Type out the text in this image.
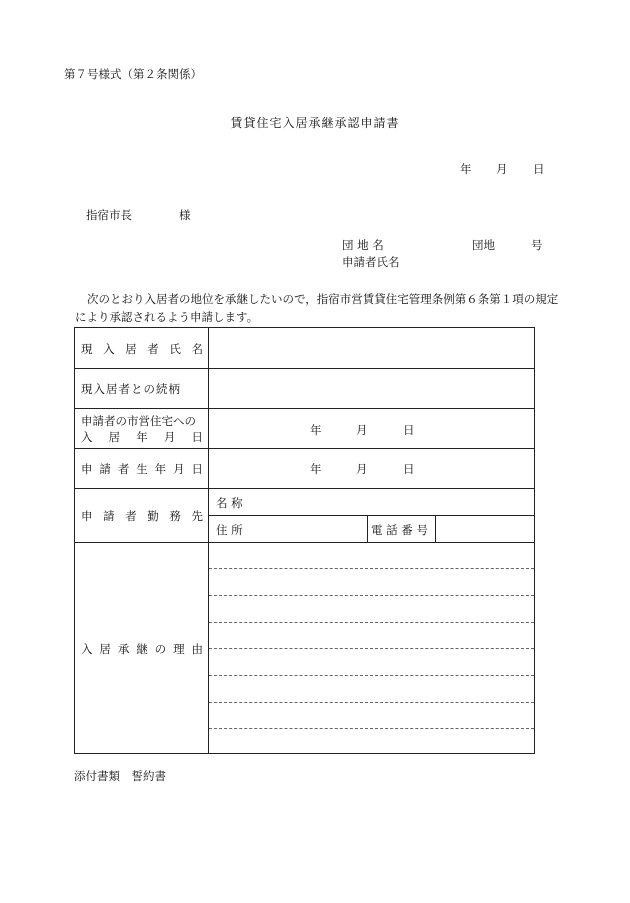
第７号様式（第２条関係）
賃貸住宅入居承継承認申請書
年 月 日
指宿市長	様
団 地 名	団地	号
申請者氏名
次のとおり入居者の地位を承継したいので，指宿市営賃貸住宅管理条例第６条第１項の規定により承認されるよう申請します。
現 入 居 者 氏 名
現入居者との続柄
申請者の市営住宅への
入 居 年 月 日	年	月	日
申 請 者 生 年 月 日	年	月	日
申 請 者 勤 務 先
名 称
住 所	電 話 番 号
入 居 承 継 の 理 由
添付書類　誓約書
